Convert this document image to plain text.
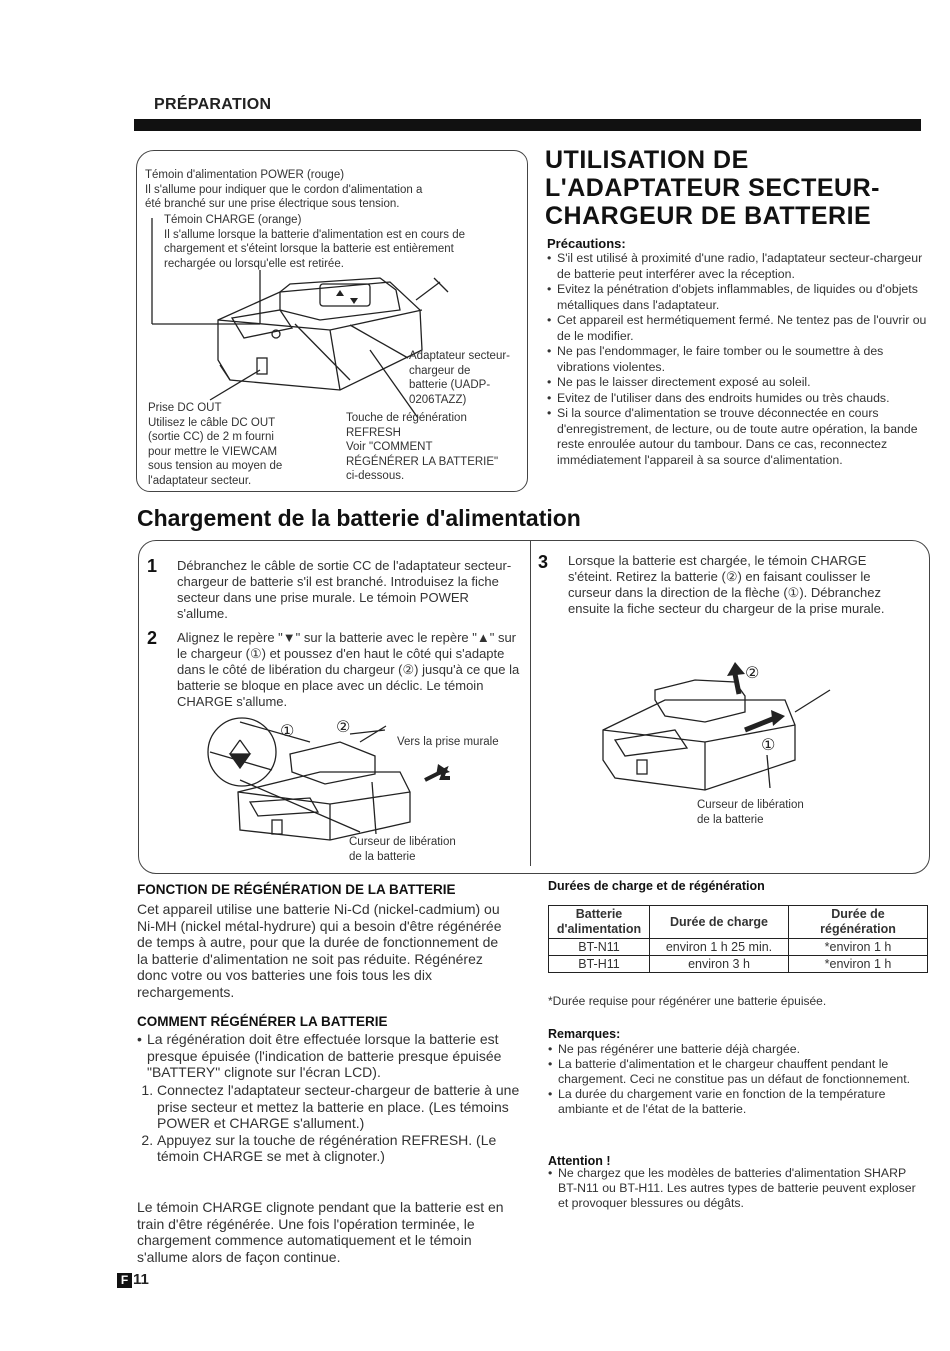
PRÉPARATION
Témoin d'alimentation POWER (rouge)
Il s'allume pour indiquer que le cordon d'alimentation a
été branché sur une prise électrique sous tension.
Témoin CHARGE (orange)
Il s'allume lorsque la batterie d'alimentation est en cours de
chargement et s'éteint lorsque la batterie est entièrement
rechargée ou lorsqu'elle est retirée.
Adaptateur secteur-
chargeur de
batterie (UADP-
0206TAZZ)
Prise DC OUT
Utilisez le câble DC OUT
(sortie CC) de 2 m fourni
pour mettre le VIEWCAM
sous tension au moyen de
l'adaptateur secteur.
Touche de régénération
REFRESH
Voir "COMMENT
RÉGÉNÉRER LA BATTERIE"
ci-dessous.
UTILISATION DE
L'ADAPTATEUR SECTEUR-
CHARGEUR DE BATTERIE
Précautions:
• S'il est utilisé à proximité d'une radio, l'adaptateur secteur-chargeur de batterie peut interférer avec la réception.
• Evitez la pénétration d'objets inflammables, de liquides ou d'objets métalliques dans l'adaptateur.
• Cet appareil est hermétiquement fermé. Ne tentez pas de l'ouvrir ou de le modifier.
• Ne pas l'endommager, le faire tomber ou le soumettre à des vibrations violentes.
• Ne pas le laisser directement exposé au soleil.
• Evitez de l'utiliser dans des endroits humides ou très chauds.
• Si la source d'alimentation se trouve déconnectée en cours d'enregistrement, de lecture, ou de toute autre opération, la bande reste enroulée autour du tambour. Dans ce cas, reconnectez immédiatement l'appareil à sa source d'alimentation.
Chargement de la batterie d'alimentation
1 Débranchez le câble de sortie CC de l'adaptateur secteur-chargeur de batterie s'il est branché. Introduisez la fiche secteur dans une prise murale. Le témoin POWER s'allume.
2 Alignez le repère "▼" sur la batterie avec le repère "▲" sur le chargeur (①) et poussez d'en haut le côté qui s'adapte dans le côté de libération du chargeur (②) jusqu'à ce que la batterie se bloque en place avec un déclic. Le témoin CHARGE s'allume.
①	②
Vers la prise murale
Curseur de libération
de la batterie
3 Lorsque la batterie est chargée, le témoin CHARGE s'éteint. Retirez la batterie (②) en faisant coulisser le curseur dans la direction de la flèche (①). Débranchez ensuite la fiche secteur du chargeur de la prise murale.
②
①
Curseur de libération
de la batterie
FONCTION DE RÉGÉNÉRATION DE LA BATTERIE
Cet appareil utilise une batterie Ni-Cd (nickel-cadmium) ou Ni-MH (nickel métal-hydrure) qui a besoin d'être régénérée de temps à autre, pour que la durée de fonctionnement de la batterie d'alimentation ne soit pas réduite. Régénérez donc votre ou vos batteries une fois tous les dix rechargements.
COMMENT RÉGÉNÉRER LA BATTERIE
• La régénération doit être effectuée lorsque la batterie est presque épuisée (l'indication de batterie presque épuisée "BATTERY" clignote sur l'écran LCD).
1. Connectez l'adaptateur secteur-chargeur de batterie à une prise secteur et mettez la batterie en place. (Les témoins POWER et CHARGE s'allument.)
2. Appuyez sur la touche de régénération REFRESH. (Le témoin CHARGE se met à clignoter.)
Le témoin CHARGE clignote pendant que la batterie est en train d'être régénérée. Une fois l'opération terminée, le chargement commence automatiquement et le témoin s'allume alors de façon continue.
Durées de charge et de régénération
Batterie d'alimentation	Durée de charge	Durée de régénération
BT-N11	environ 1 h 25 min.	*environ 1 h
BT-H11	environ 3 h	*environ 1 h
*Durée requise pour régénérer une batterie épuisée.
Remarques:
• Ne pas régénérer une batterie déjà chargée.
• La batterie d'alimentation et le chargeur chauffent pendant le chargement. Ceci ne constitue pas un défaut de fonctionnement.
• La durée du chargement varie en fonction de la température ambiante et de l'état de la batterie.
Attention !
• Ne chargez que les modèles de batteries d'alimentation SHARP BT-N11 ou BT-H11. Les autres types de batterie peuvent exploser et provoquer blessures ou dégâts.
F 11
